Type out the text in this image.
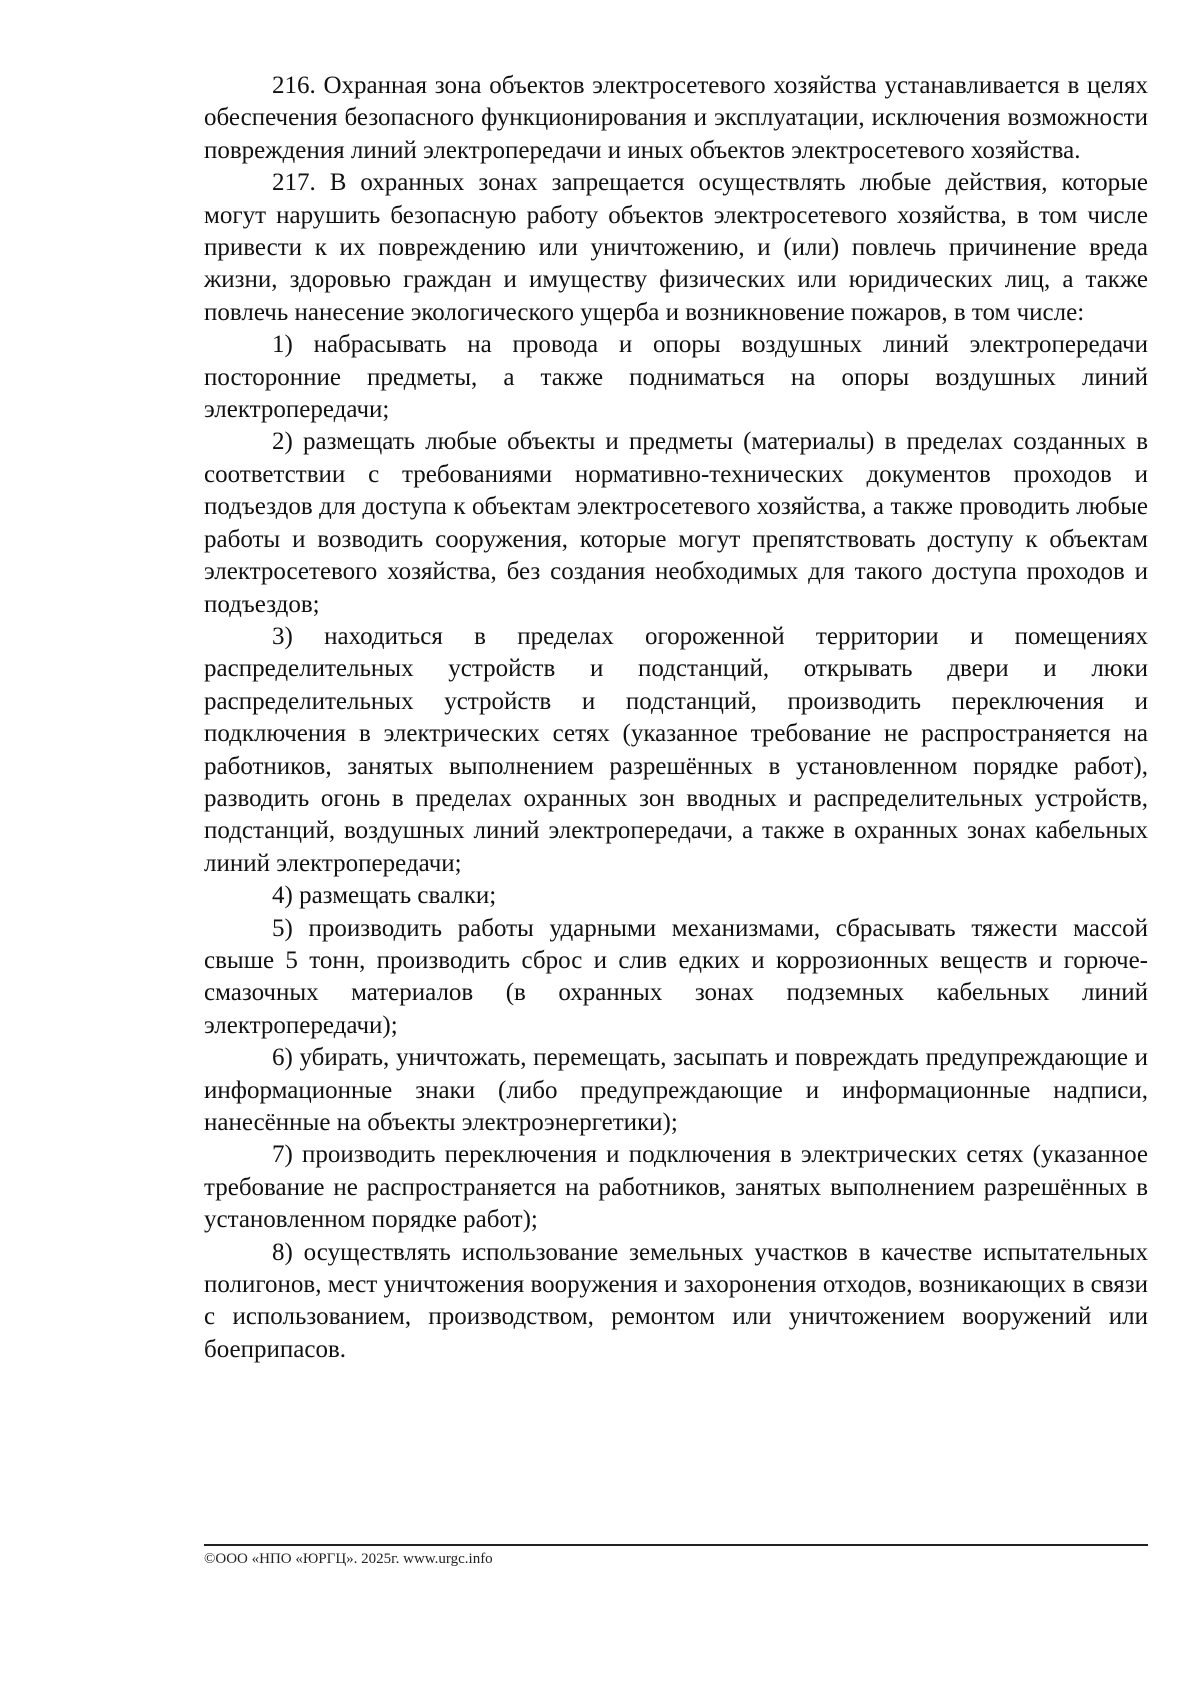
216. Охранная зона объектов электросетевого хозяйства устанавливается в целях обеспечения безопасного функционирования и эксплуатации, исключения возможности повреждения линий электропередачи и иных объектов электросетевого хозяйства.

217. В охранных зонах запрещается осуществлять любые действия, которые могут нарушить безопасную работу объектов электросетевого хозяйства, в том числе привести к их повреждению или уничтожению, и (или) повлечь причинение вреда жизни, здоровью граждан и имуществу физических или юридических лиц, а также повлечь нанесение экологического ущерба и возникновение пожаров, в том числе:

1) набрасывать на провода и опоры воздушных линий электропередачи посторонние предметы, а также подниматься на опоры воздушных линий электропередачи;

2) размещать любые объекты и предметы (материалы) в пределах созданных в соответствии с требованиями нормативно-технических документов проходов и подъездов для доступа к объектам электросетевого хозяйства, а также проводить любые работы и возводить сооружения, которые могут препятствовать доступу к объектам электросетевого хозяйства, без создания необходимых для такого доступа проходов и подъездов;

3) находиться в пределах огороженной территории и помещениях распределительных устройств и подстанций, открывать двери и люки распределительных устройств и подстанций, производить переключения и подключения в электрических сетях (указанное требование не распространяется на работников, занятых выполнением разрешённых в установленном порядке работ), разводить огонь в пределах охранных зон вводных и распределительных устройств, подстанций, воздушных линий электропередачи, а также в охранных зонах кабельных линий электропередачи;

4) размещать свалки;

5) производить работы ударными механизмами, сбрасывать тяжести массой свыше 5 тонн, производить сброс и слив едких и коррозионных веществ и горюче-смазочных материалов (в охранных зонах подземных кабельных линий электропередачи);

6) убирать, уничтожать, перемещать, засыпать и повреждать предупреждающие и информационные знаки (либо предупреждающие и информационные надписи, нанесённые на объекты электроэнергетики);

7) производить переключения и подключения в электрических сетях (указанное требование не распространяется на работников, занятых выполнением разрешённых в установленном порядке работ);

8) осуществлять использование земельных участков в качестве испытательных полигонов, мест уничтожения вооружения и захоронения отходов, возникающих в связи с использованием, производством, ремонтом или уничтожением вооружений или боеприпасов.

©ООО «НПО «ЮРГЦ». 2025г. www.urgc.info
